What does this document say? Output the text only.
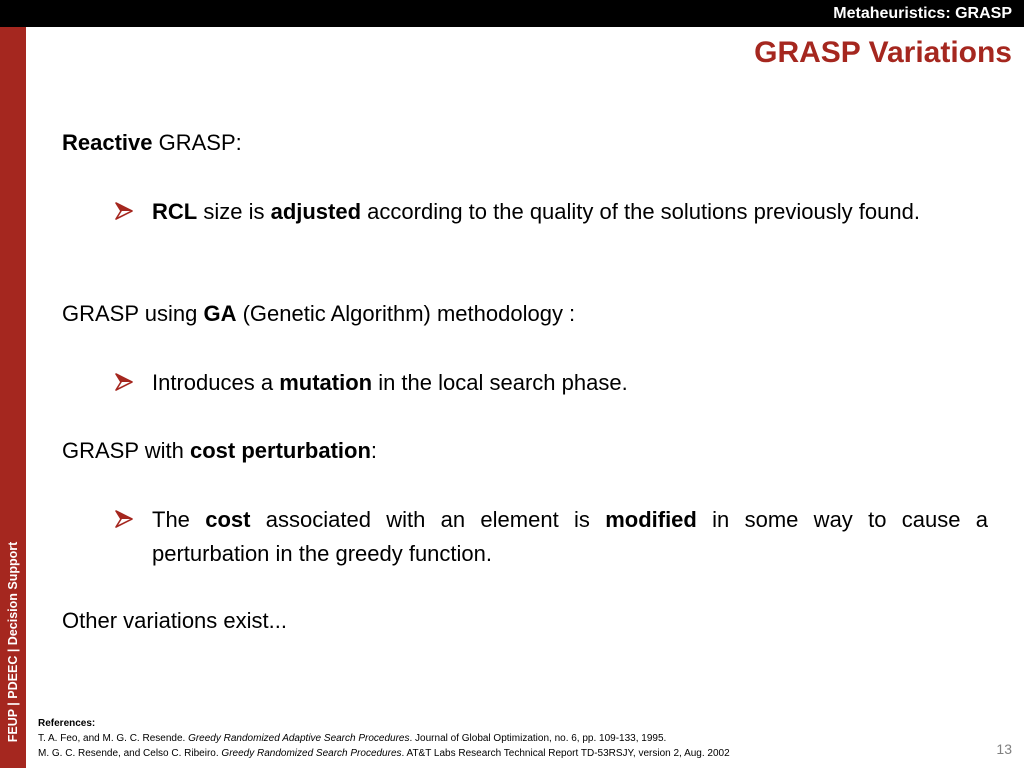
Metaheuristics: GRASP
FEUP | PDEEC | Decision Support
GRASP Variations
Reactive GRASP:
RCL size is adjusted according to the quality of the solutions previously found.
GRASP using GA (Genetic Algorithm) methodology :
Introduces a mutation in the local search phase.
GRASP with cost perturbation:
The cost associated with an element is modified in some way to cause a perturbation in the greedy function.
Other variations exist...
References:
T. A. Feo, and M. G. C. Resende. Greedy Randomized Adaptive Search Procedures. Journal of Global Optimization, no. 6, pp. 109-133, 1995.
M. G. C. Resende, and Celso C. Ribeiro. Greedy Randomized Search Procedures. AT&T Labs Research Technical Report TD-53RSJY, version 2, Aug. 2002	13
